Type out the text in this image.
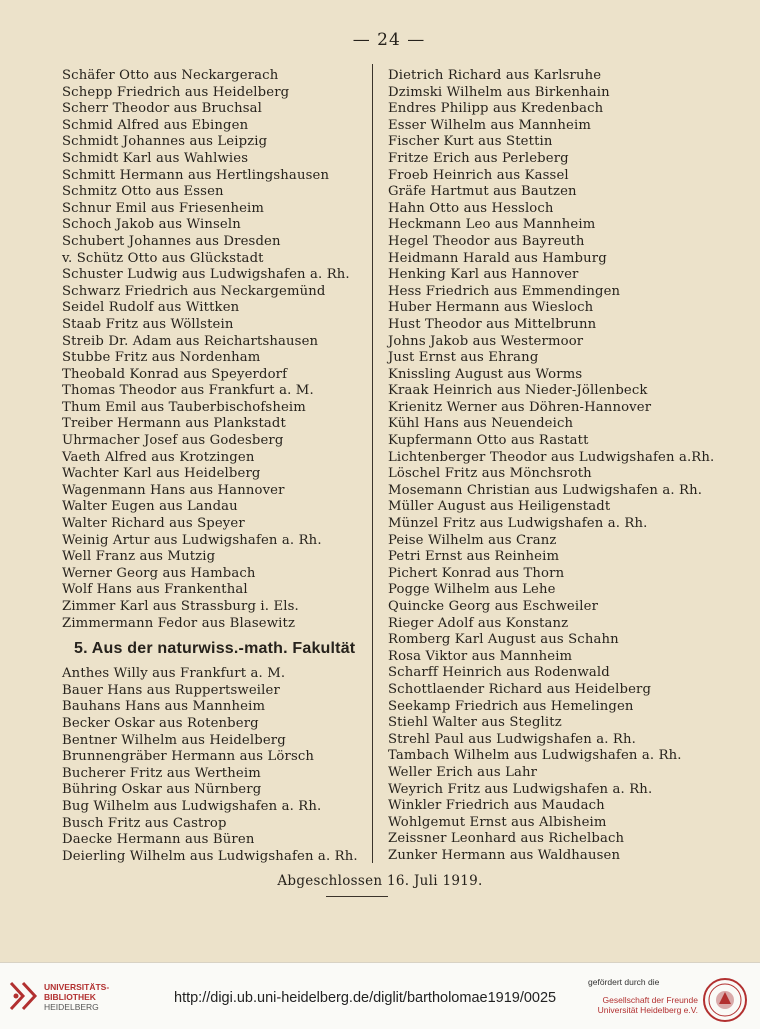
— 24 —
Schäfer Otto aus Neckargerach
Schepp Friedrich aus Heidelberg
Scherr Theodor aus Bruchsal
Schmid Alfred aus Ebingen
Schmidt Johannes aus Leipzig
Schmidt Karl aus Wahlwies
Schmitt Hermann aus Hertlingshausen
Schmitz Otto aus Essen
Schnur Emil aus Friesenheim
Schoch Jakob aus Winseln
Schubert Johannes aus Dresden
v. Schütz Otto aus Glückstadt
Schuster Ludwig aus Ludwigshafen a. Rh.
Schwarz Friedrich aus Neckargemünd
Seidel Rudolf aus Wittken
Staab Fritz aus Wöllstein
Streib Dr. Adam aus Reichartshausen
Stubbe Fritz aus Nordenham
Theobald Konrad aus Speyerdorf
Thomas Theodor aus Frankfurt a. M.
Thum Emil aus Tauberbischofsheim
Treiber Hermann aus Plankstadt
Uhrmacher Josef aus Godesberg
Vaeth Alfred aus Krotzingen
Wachter Karl aus Heidelberg
Wagenmann Hans aus Hannover
Walter Eugen aus Landau
Walter Richard aus Speyer
Weinig Artur aus Ludwigshafen a. Rh.
Well Franz aus Mutzig
Werner Georg aus Hambach
Wolf Hans aus Frankenthal
Zimmer Karl aus Strassburg i. Els.
Zimmermann Fedor aus Blasewitz
5. Aus der naturwiss.-math. Fakultät
Anthes Willy aus Frankfurt a. M.
Bauer Hans aus Ruppertsweiler
Bauhans Hans aus Mannheim
Becker Oskar aus Rotenberg
Bentner Wilhelm aus Heidelberg
Brunnengräber Hermann aus Lörsch
Bucherer Fritz aus Wertheim
Bühring Oskar aus Nürnberg
Bug Wilhelm aus Ludwigshafen a. Rh.
Busch Fritz aus Castrop
Daecke Hermann aus Büren
Deierling Wilhelm aus Ludwigshafen a. Rh.
Dietrich Richard aus Karlsruhe
Dzimski Wilhelm aus Birkenhain
Endres Philipp aus Kredenbach
Esser Wilhelm aus Mannheim
Fischer Kurt aus Stettin
Fritze Erich aus Perleberg
Froeb Heinrich aus Kassel
Gräfe Hartmut aus Bautzen
Hahn Otto aus Hessloch
Heckmann Leo aus Mannheim
Hegel Theodor aus Bayreuth
Heidmann Harald aus Hamburg
Henking Karl aus Hannover
Hess Friedrich aus Emmendingen
Huber Hermann aus Wiesloch
Hust Theodor aus Mittelbrunn
Johns Jakob aus Westermoor
Just Ernst aus Ehrang
Knissling August aus Worms
Kraak Heinrich aus Nieder-Jöllenbeck
Krienitz Werner aus Döhren-Hannover
Kühl Hans aus Neuendeich
Kupfermann Otto aus Rastatt
Lichtenberger Theodor aus Ludwigshafen a.Rh.
Löschel Fritz aus Mönchsroth
Mosemann Christian aus Ludwigshafen a. Rh.
Müller August aus Heiligenstadt
Münzel Fritz aus Ludwigshafen a. Rh.
Peise Wilhelm aus Cranz
Petri Ernst aus Reinheim
Pichert Konrad aus Thorn
Pogge Wilhelm aus Lehe
Quincke Georg aus Eschweiler
Rieger Adolf aus Konstanz
Romberg Karl August aus Schahn
Rosa Viktor aus Mannheim
Scharff Heinrich aus Rodenwald
Schottlaender Richard aus Heidelberg
Seekamp Friedrich aus Hemelingen
Stiehl Walter aus Steglitz
Strehl Paul aus Ludwigshafen a. Rh.
Tambach Wilhelm aus Ludwigshafen a. Rh.
Weller Erich aus Lahr
Weyrich Fritz aus Ludwigshafen a. Rh.
Winkler Friedrich aus Maudach
Wohlgemut Ernst aus Albisheim
Zeissner Leonhard aus Richelbach
Zunker Hermann aus Waldhausen
Abgeschlossen 16. Juli 1919.
UNIVERSITÄTS-
BIBLIOTHEK
HEIDELBERG
http://digi.ub.uni-heidelberg.de/diglit/bartholomae1919/0025
gefördert durch die
Gesellschaft der Freunde
Universität Heidelberg e.V.
